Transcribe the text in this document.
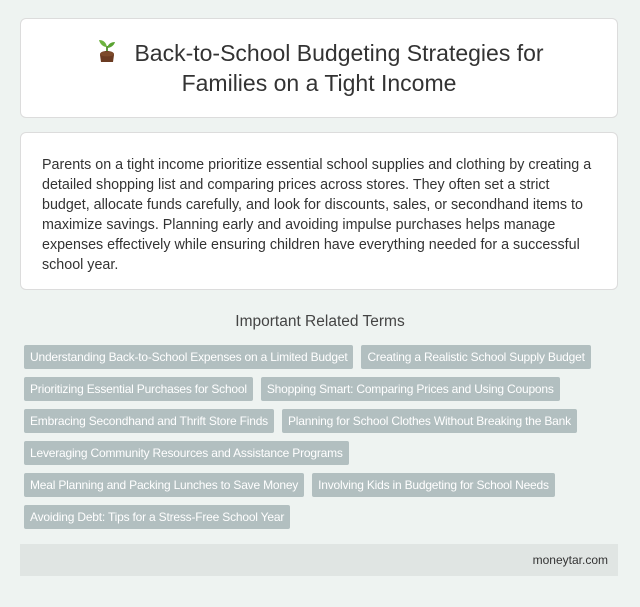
Back-to-School Budgeting Strategies for Families on a Tight Income

Parents on a tight income prioritize essential school supplies and clothing by creating a detailed shopping list and comparing prices across stores. They often set a strict budget, allocate funds carefully, and look for discounts, sales, or secondhand items to maximize savings. Planning early and avoiding impulse purchases helps manage expenses effectively while ensuring children have everything needed for a successful school year.

Important Related Terms
Understanding Back-to-School Expenses on a Limited Budget	Creating a Realistic School Supply Budget
Prioritizing Essential Purchases for School	Shopping Smart: Comparing Prices and Using Coupons
Embracing Secondhand and Thrift Store Finds	Planning for School Clothes Without Breaking the Bank
Leveraging Community Resources and Assistance Programs
Meal Planning and Packing Lunches to Save Money	Involving Kids in Budgeting for School Needs
Avoiding Debt: Tips for a Stress-Free School Year
moneytar.com
